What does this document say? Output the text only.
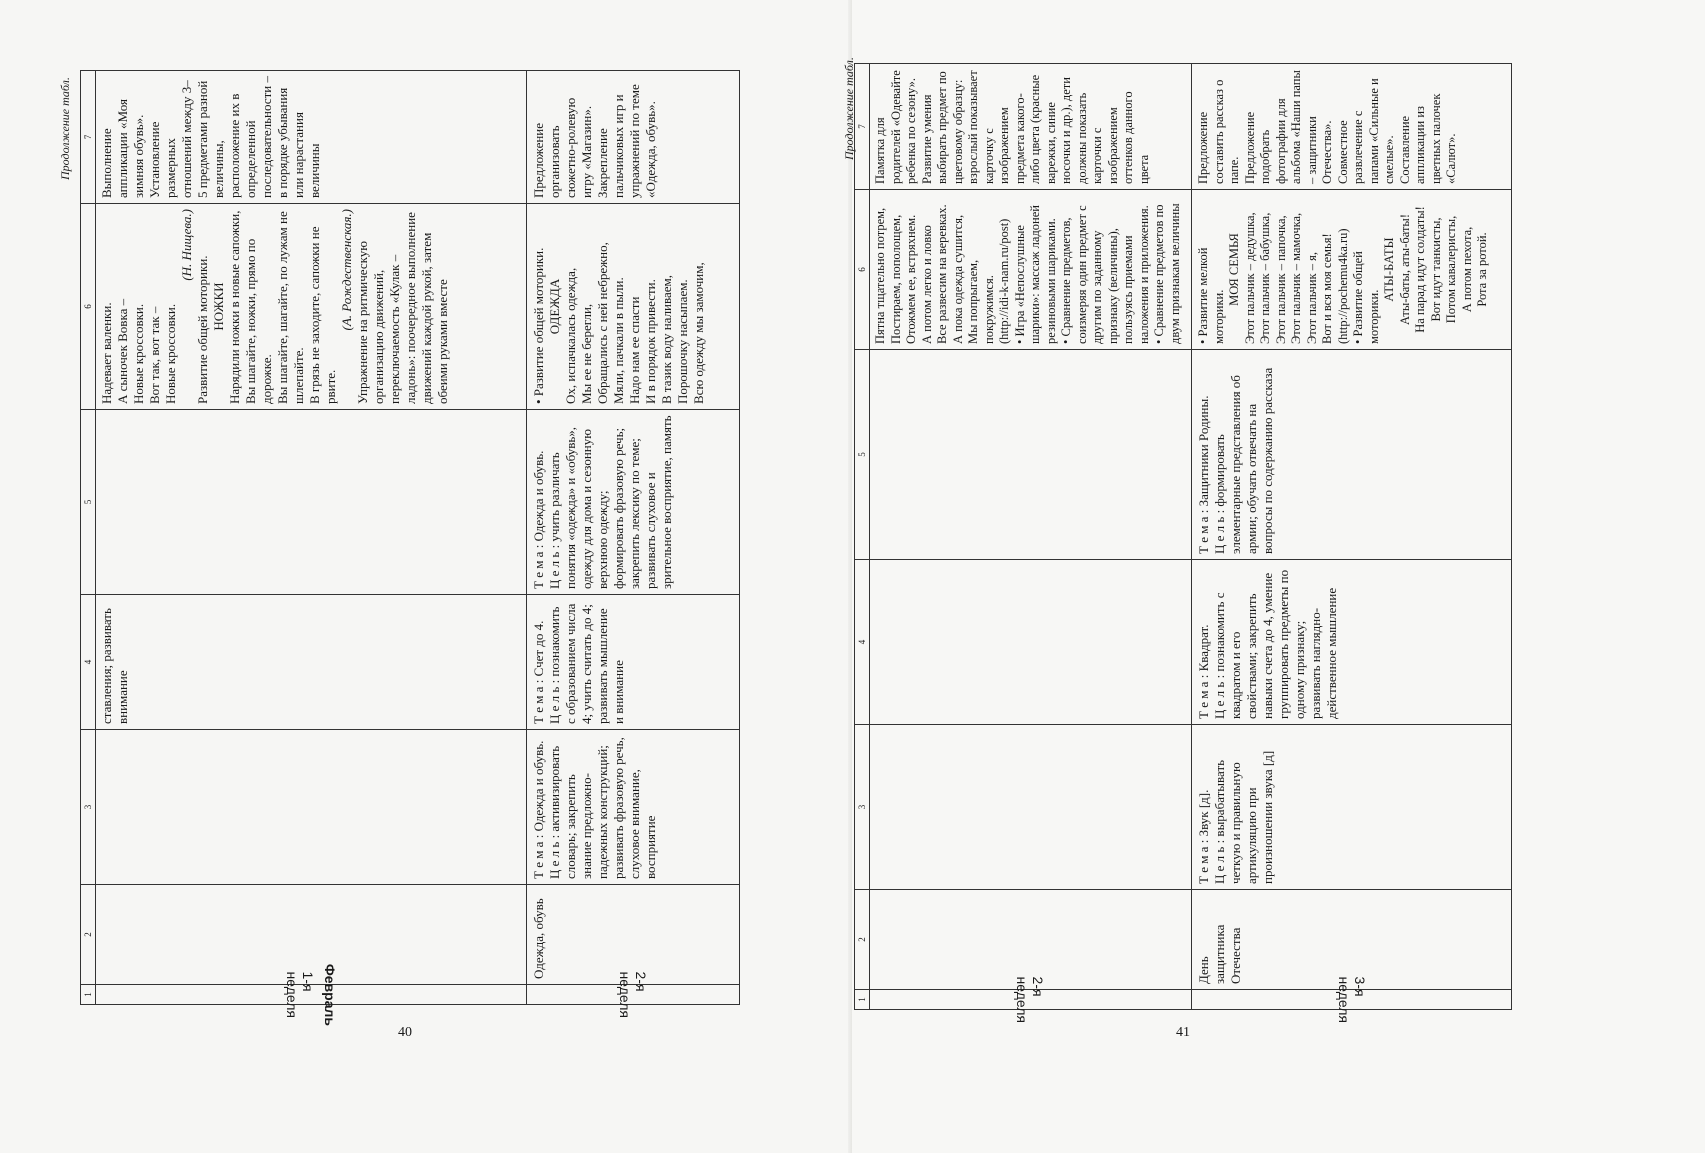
Продолжение табл.
1
2
3
4
5
6
7
1-я неделя	Февраль

ставления; развивать внимание

Надевает валенки. А сыночек Вовка – Новые кроссовки. Вот так, вот так – Новые кроссовки.

(Н. Нищева.)

Развитие общей моторики. НОЖКИ Нарядили ножки в новые сапожки, Вы шагайте, ножки, прямо по дорожке. Вы шагайте, шагайте, по лужам не шлепайте. В грязь не заходите, сапожки не рвите.

(А. Рождественская.) Упражнение на ритмическую организацию движений, переключаемость «Кулак – ладонь»: поочередное выполнение движений каждой рукой, затем обеими руками вместе

Выполнение аппликации «Моя зимняя обувь». Установление размерных отношений между 3–5 предметами разной величины, расположение их в определенной последовательности – в порядке убывания или нарастания величины

2-я неделя
Одежда, обувь

Т е м а : Одежда и обувь. Ц е л ь : активизировать словарь; закрепить знание предложно-падежных конструкций; развивать фразовую речь, слуховое внимание, восприятие

Т е м а : Счет до 4. Ц е л ь : познакомить с образованием числа 4; учить считать до 4; развивать мышление и внимание

Т е м а : Одежда и обувь. Ц е л ь : учить различать понятия «одежда» и «обувь», одежду для дома и сезонную верхнюю одежду; формировать фразовую речь; закрепить лексику по теме; развивать слуховое и зрительное восприятие, память

• Развитие общей моторики. ОДЕЖДА Ох, испачкалась одежда, Мы ее не берегли, Обращались с ней небрежно, Мяли, пачкали в пыли. Надо нам ее спасти И в порядок привести. В тазик воду наливаем, Порошочку насыпаем. Всю одежду мы замочим,

Предложение организовать сюжетно-ролевую игру «Магазин». Закрепление пальчиковых игр и упражнений по теме «Одежда, обувь».

40
Продолжение табл.
1
2
3
4
5
6
7
2-я неделя

Пятна тщательно потрем, Постираем, пополощем, Отожмем ее, встряхнем. А потом легко и ловко Все развесим на веревках. А пока одежда сушится, Мы попрыгаем, покружимся. (http://idi-k-nam.ru/post) • Игра «Непослушные шарики»: массаж ладоней резиновыми шариками. • Сравнение предметов, соизмеряя один предмет с другим по заданному признаку (величины), пользуясь приемами наложения и приложения. • Сравнение предметов по двум признакам величины

Памятка для родителей «Одевайте ребенка по сезону». Развитие умения выбирать предмет по цветовому образцу: взрослый показывает карточку с изображением предмета какого-либо цвета (красные варежки, синие носочки и др.), дети должны показать карточки с изображением оттенков данного цвета

3-я неделя
День защитника Отечества

Т е м а : Звук [д]. Ц е л ь : вырабатывать четкую и правильную артикуляцию при произношении звука [д]

Т е м а : Квадрат. Ц е л ь : познакомить с квадратом и его свойствами; закрепить навыки счета до 4, умение группировать предметы по одному признаку; развивать наглядно-действенное мышление

Т е м а : Защитники Родины. Ц е л ь : формировать элементарные представления об армии; обучать отвечать на вопросы по содержанию рассказа

• Развитие мелкой моторики.

МОЯ СЕМЬЯ Этот пальчик – дедушка, Этот пальчик – бабушка, Этот пальчик – папочка, Этот пальчик – мамочка, Этот пальчик – я, Вот и вся моя семья! (http://pochemu4ka.ru) • Развитие общей моторики.

АТЫ-БАТЫ Аты-баты, аты-баты! На парад идут солдаты! Вот идут танкисты, Потом кавалеристы, А потом пехота, Рота за ротой.

Предложение составить рассказ о папе. Предложение подобрать фотографии для альбома «Наши папы – защитники Отечества». Совместное развлечение с папами «Сильные и смелые». Составление аппликации из цветных палочек «Салют».

41
